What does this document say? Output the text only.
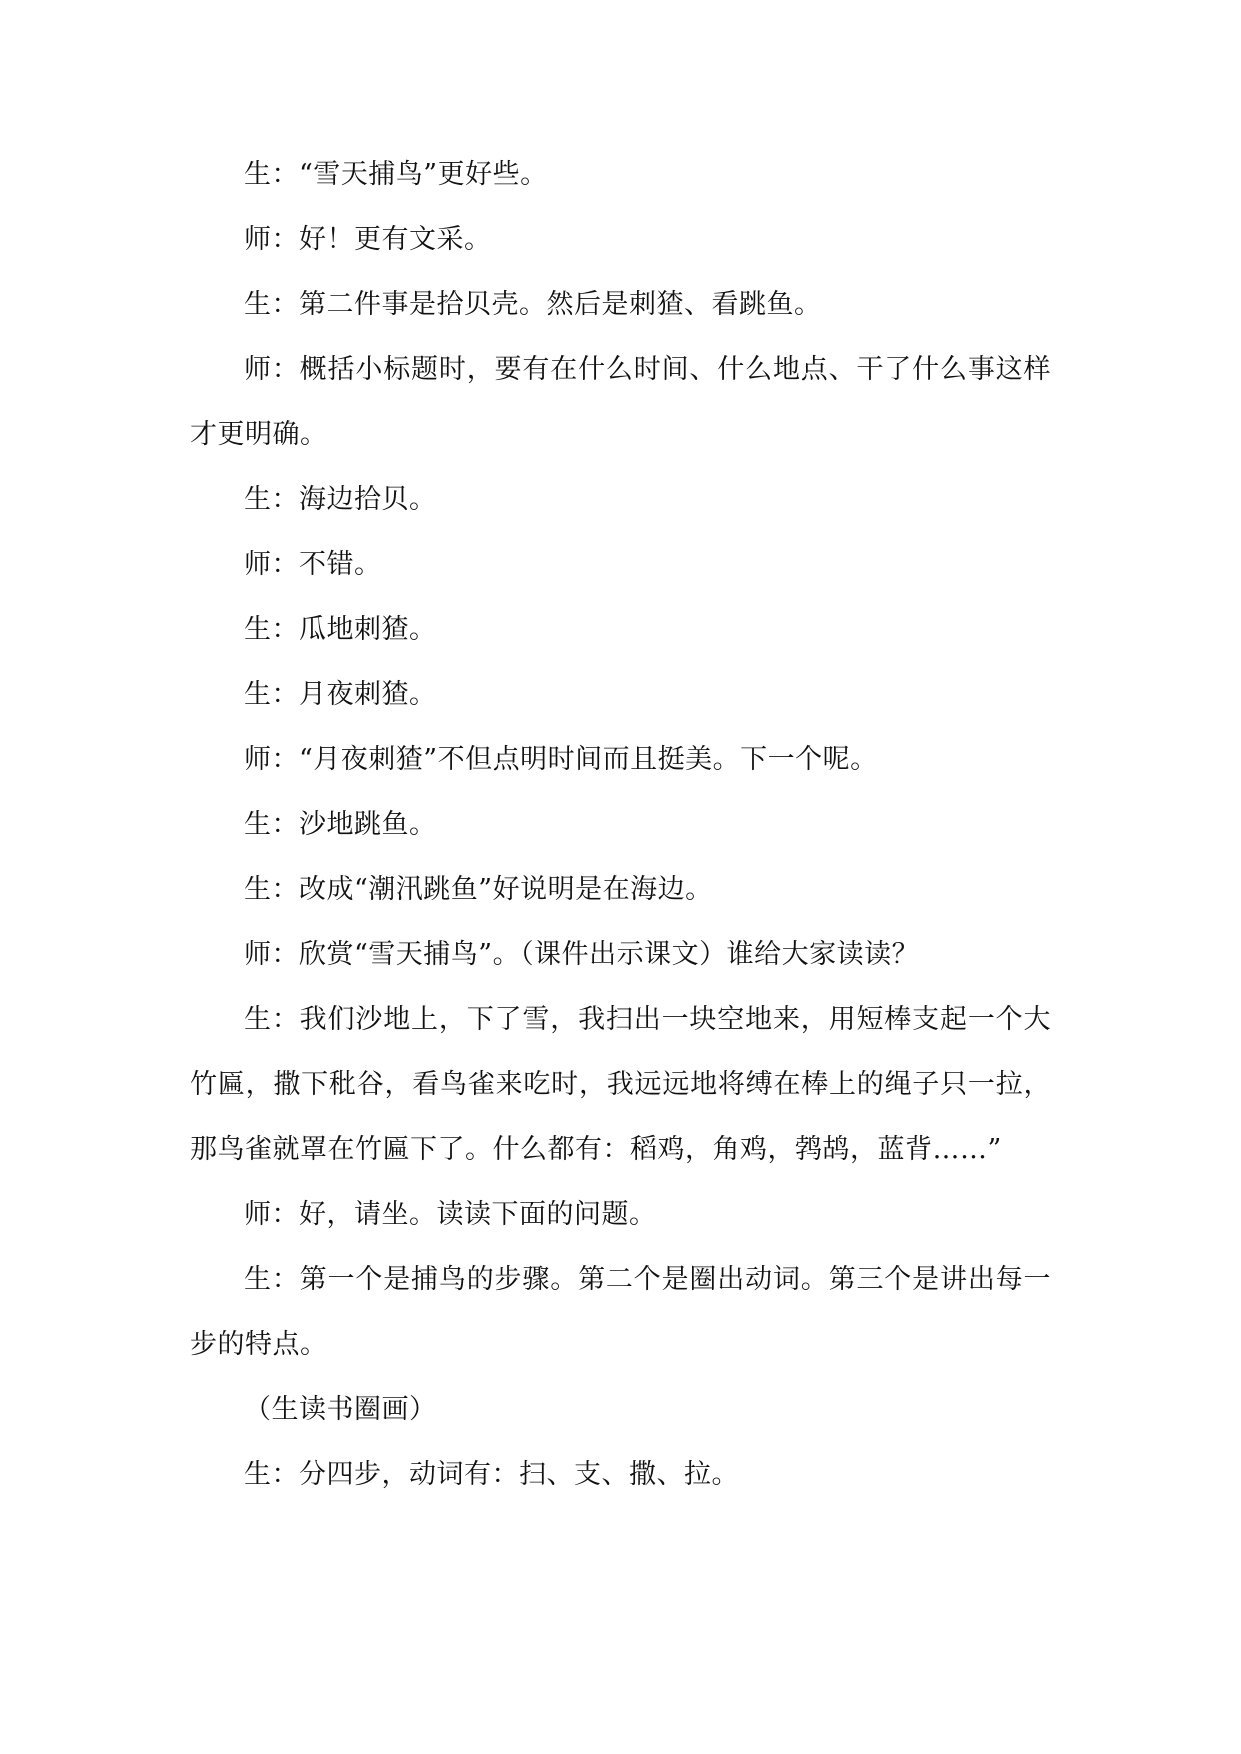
生：“雪天捕鸟”更好些。

师：好！更有文采。

生：第二件事是拾贝壳。然后是刺猹、看跳鱼。

师：概括小标题时，要有在什么时间、什么地点、干了什么事这样才更明确。

生：海边拾贝。

师：不错。

生：瓜地刺猹。

生：月夜刺猹。

师：“月夜刺猹”不但点明时间而且挺美。下一个呢。

生：沙地跳鱼。

生：改成“潮汛跳鱼”好说明是在海边。

师：欣赏“雪天捕鸟”。（课件出示课文）谁给大家读读？

生：我们沙地上，下了雪，我扫出一块空地来，用短棒支起一个大竹匾，撒下秕谷，看鸟雀来吃时，我远远地将缚在棒上的绳子只一拉，那鸟雀就罩在竹匾下了。什么都有：稻鸡，角鸡，鹁鸪，蓝背……”

师：好，请坐。读读下面的问题。

生：第一个是捕鸟的步骤。第二个是圈出动词。第三个是讲出每一步的特点。

（生读书圈画）

生：分四步，动词有：扫、支、撒、拉。
